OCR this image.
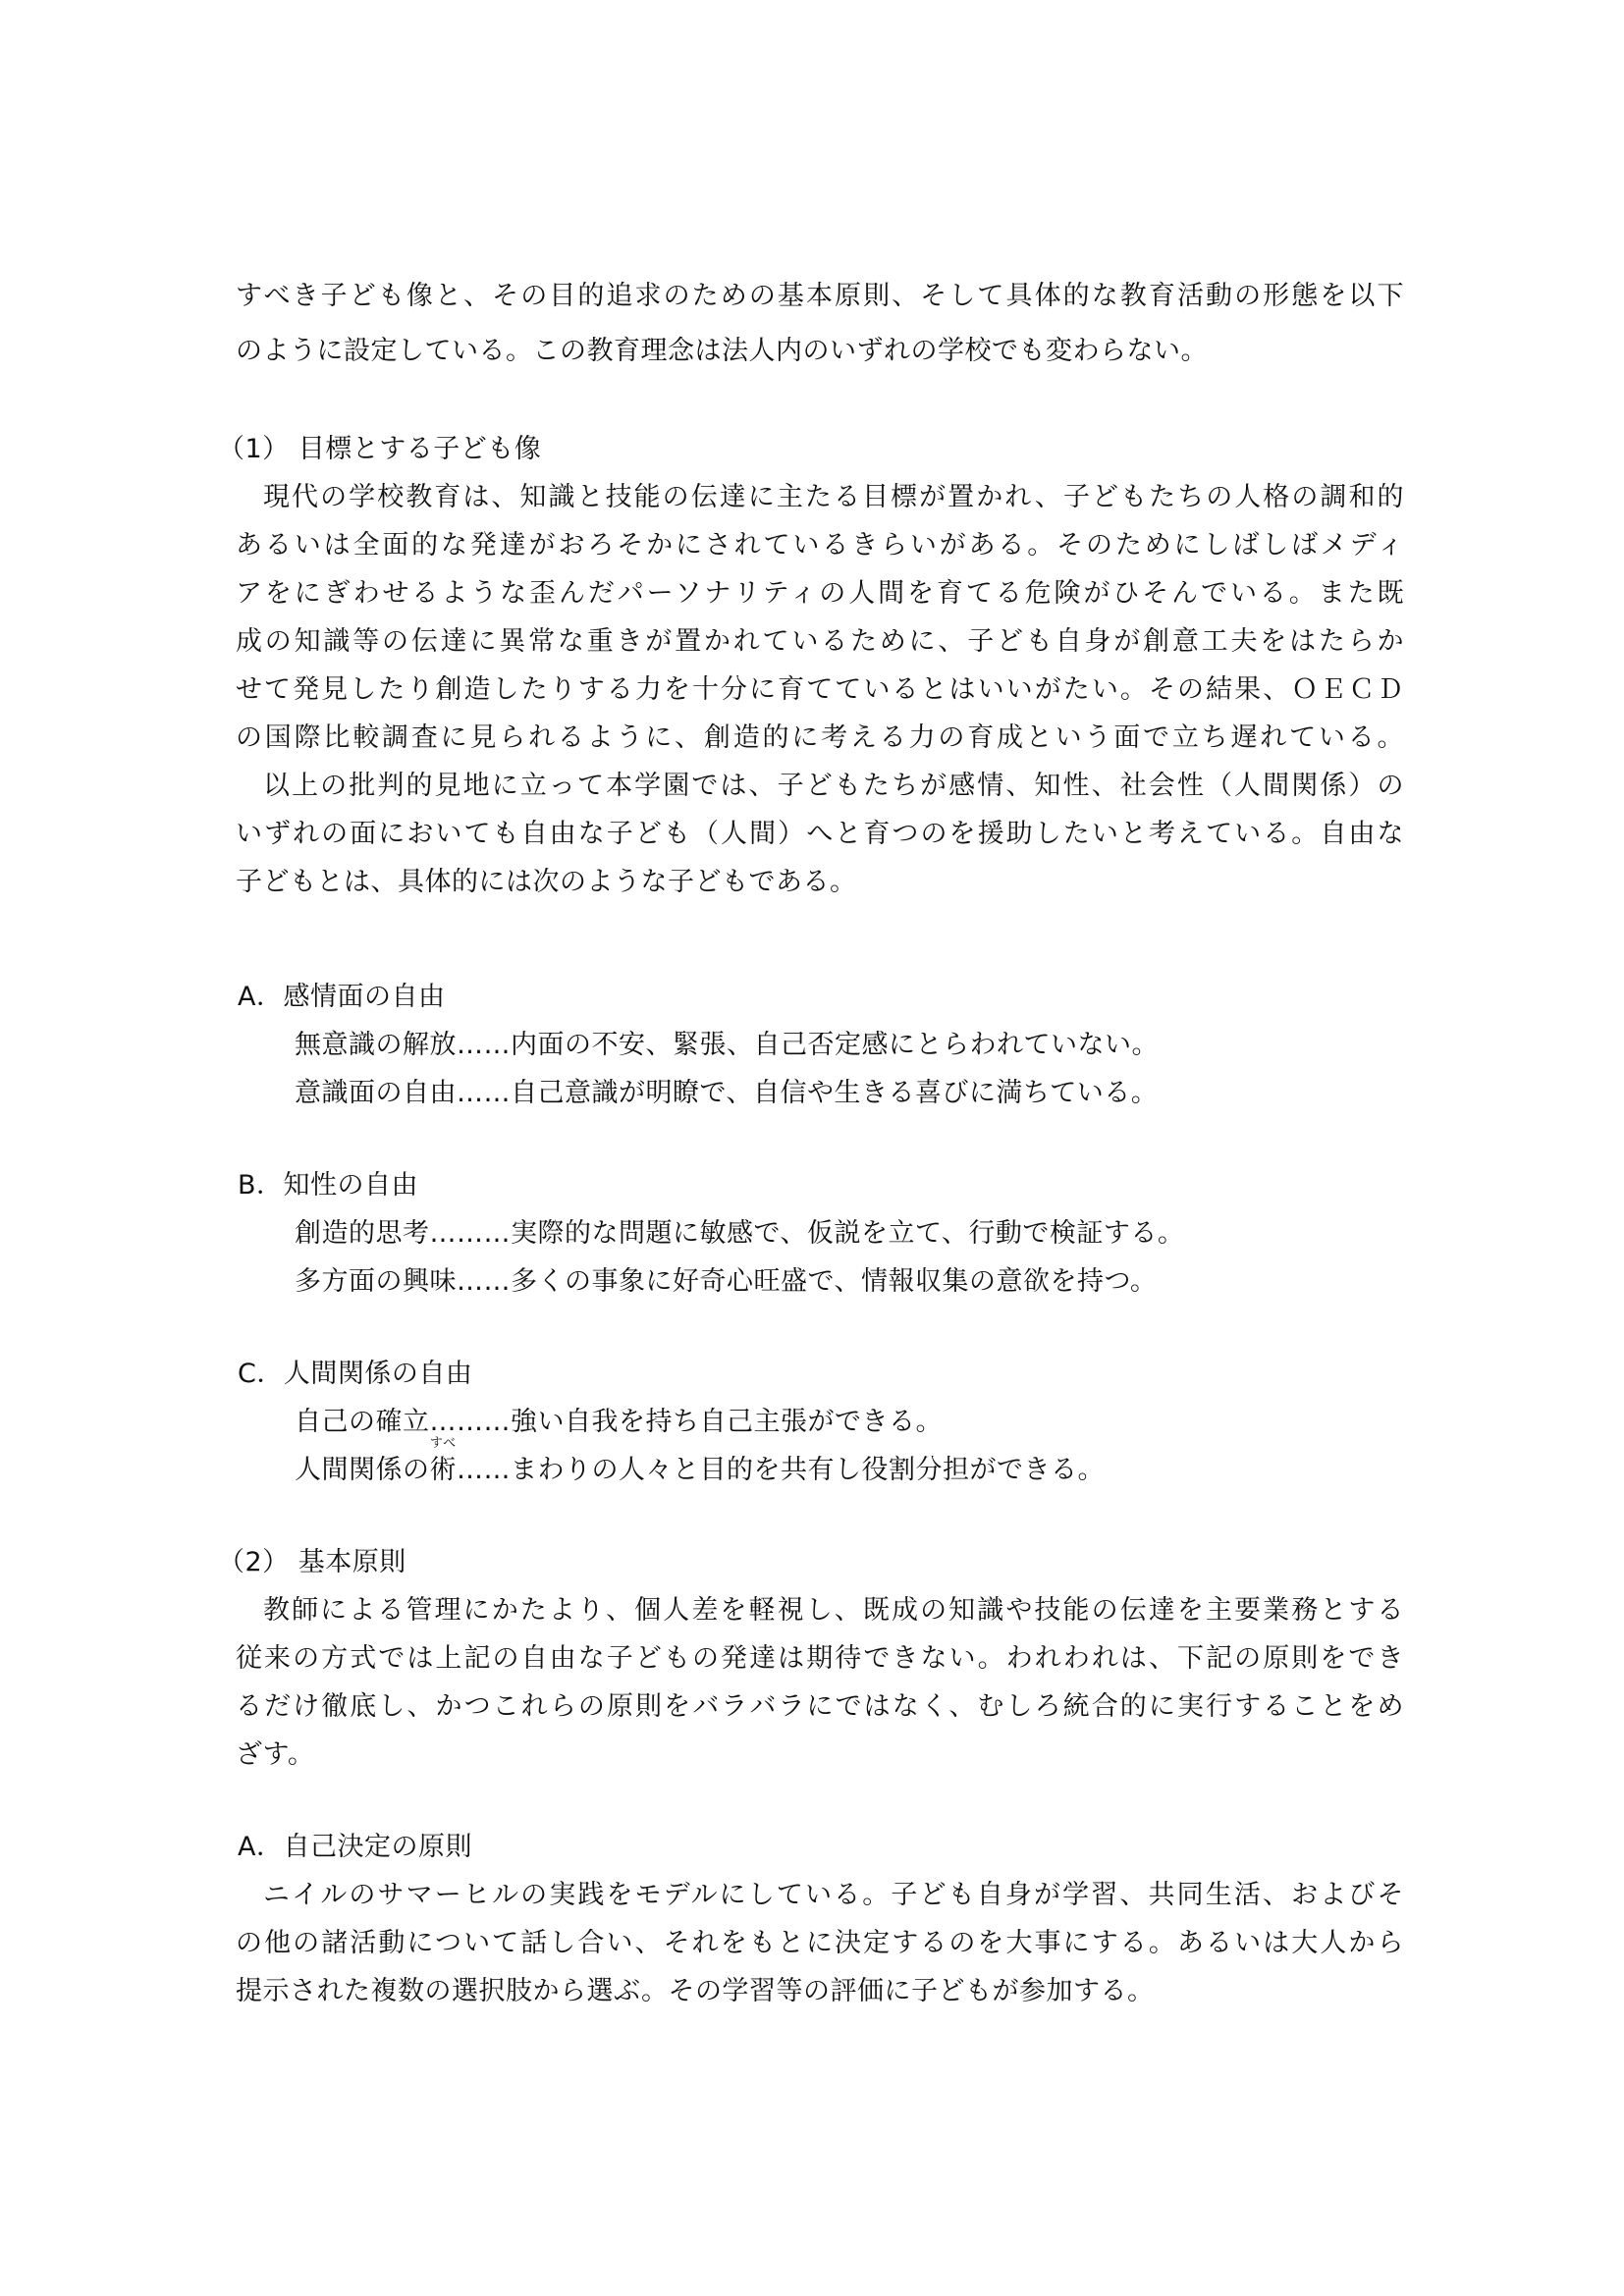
すべき子ども像と、その目的追求のための基本原則、そして具体的な教育活動の形態を以下
のように設定している。この教育理念は法人内のいずれの学校でも変わらない。
（1） 目標とする子ども像
現代の学校教育は、知識と技能の伝達に主たる目標が置かれ、子どもたちの人格の調和的
あるいは全面的な発達がおろそかにされているきらいがある。そのためにしばしばメディ
アをにぎわせるような歪んだパーソナリティの人間を育てる危険がひそんでいる。また既
成の知識等の伝達に異常な重きが置かれているために、子ども自身が創意工夫をはたらか
せて発見したり創造したりする力を十分に育てているとはいいがたい。その結果、ＯＥＣＤ
の国際比較調査に見られるように、創造的に考える力の育成という面で立ち遅れている。
以上の批判的見地に立って本学園では、子どもたちが感情、知性、社会性（人間関係）の
いずれの面においても自由な子ども（人間）へと育つのを援助したいと考えている。自由な
子どもとは、具体的には次のような子どもである。
A．感情面の自由
無意識の解放……内面の不安、緊張、自己否定感にとらわれていない。
意識面の自由……自己意識が明瞭で、自信や生きる喜びに満ちている。
B．知性の自由
創造的思考………実際的な問題に敏感で、仮説を立て、行動で検証する。
多方面の興味……多くの事象に好奇心旺盛で、情報収集の意欲を持つ。
C．人間関係の自由
自己の確立………強い自我を持ち自己主張ができる。
人間関係の
すべ
術……まわりの人々と目的を共有し役割分担ができる。
（2） 基本原則
教師による管理にかたより、個人差を軽視し、既成の知識や技能の伝達を主要業務とする
従来の方式では上記の自由な子どもの発達は期待できない。われわれは、下記の原則をでき
るだけ徹底し、かつこれらの原則をバラバラにではなく、むしろ統合的に実行することをめ
ざす。
A．自己決定の原則
ニイルのサマーヒルの実践をモデルにしている。子ども自身が学習、共同生活、およびそ
の他の諸活動について話し合い、それをもとに決定するのを大事にする。あるいは大人から
提示された複数の選択肢から選ぶ。その学習等の評価に子どもが参加する。
